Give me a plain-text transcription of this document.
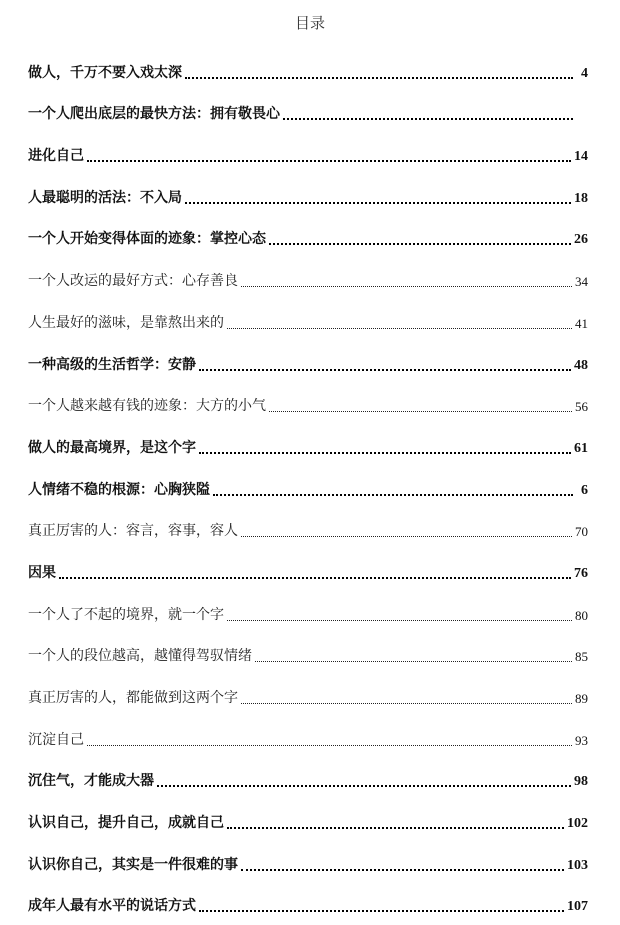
目录
做人，千万不要入戏太深	4
一个人爬出底层的最快方法：拥有敬畏心
进化自己	14
人最聪明的活法：不入局	18
一个人开始变得体面的迹象：掌控心态	26
一个人改运的最好方式：心存善良	34
人生最好的滋味，是靠熬出来的	41
一种高级的生活哲学：安静	48
一个人越来越有钱的迹象：大方的小气	56
做人的最高境界，是这个字	61
人情绪不稳的根源：心胸狭隘	6
真正厉害的人：容言，容事，容人	70
因果	76
一个人了不起的境界，就一个字	80
一个人的段位越高，越懂得驾驭情绪	85
真正厉害的人，都能做到这两个字	89
沉淀自己	93
沉住气，才能成大器	98
认识自己，提升自己，成就自己	102
认识你自己，其实是一件很难的事	103
成年人最有水平的说话方式	107
